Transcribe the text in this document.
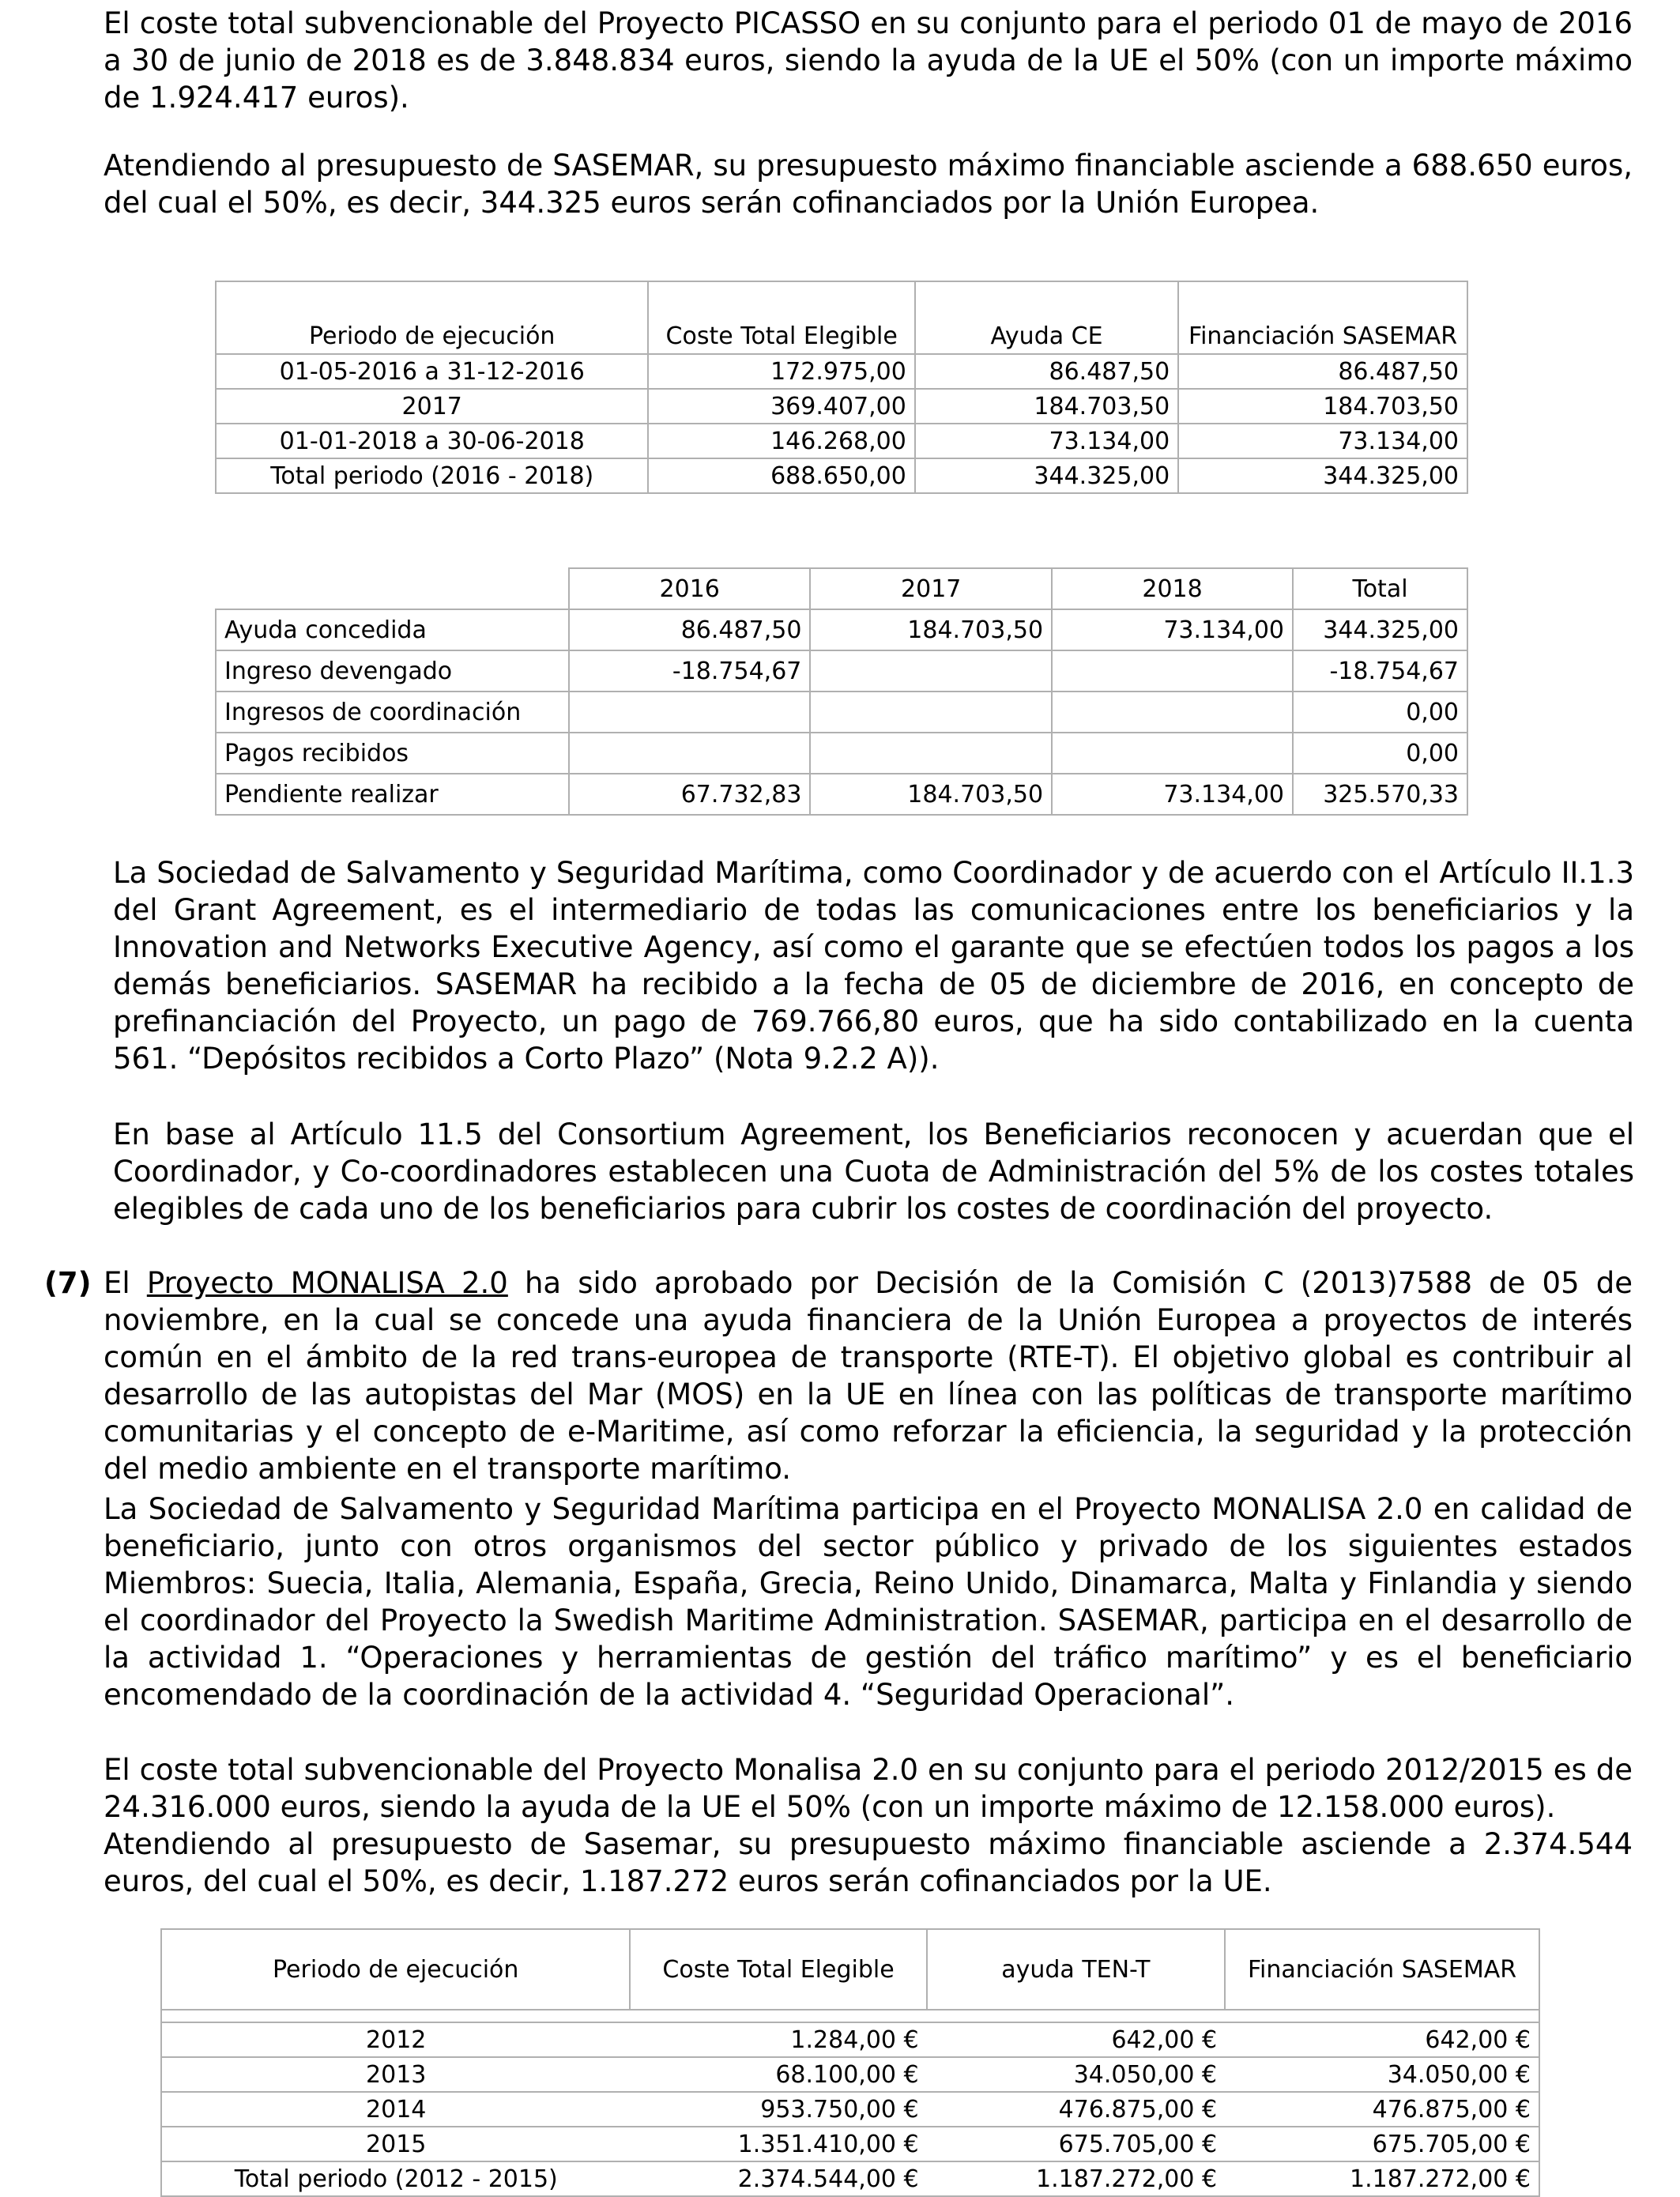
El coste total subvencionable del Proyecto PICASSO en su conjunto para el periodo 01 de mayo de 2016 a 30 de junio de 2018 es de 3.848.834 euros, siendo la ayuda de la UE el 50% (con un importe máximo de 1.924.417 euros).

Atendiendo al presupuesto de SASEMAR, su presupuesto máximo financiable asciende a 688.650 euros, del cual el 50%, es decir, 344.325 euros serán cofinanciados por la Unión Europea.

Periodo de ejecución	Coste Total Elegible	Ayuda CE	Financiación SASEMAR
01-05-2016 a 31-12-2016	172.975,00	86.487,50	86.487,50
2017	369.407,00	184.703,50	184.703,50
01-01-2018 a 30-06-2018	146.268,00	73.134,00	73.134,00
Total periodo (2016 - 2018)	688.650,00	344.325,00	344.325,00
	2016	2017	2018	Total
Ayuda concedida	86.487,50	184.703,50	73.134,00	344.325,00
Ingreso devengado	-18.754,67			-18.754,67
Ingresos de coordinación				0,00
Pagos recibidos				0,00
Pendiente realizar	67.732,83	184.703,50	73.134,00	325.570,33

La Sociedad de Salvamento y Seguridad Marítima, como Coordinador y de acuerdo con el Artículo II.1.3 del Grant Agreement, es el intermediario de todas las comunicaciones entre los beneficiarios y la Innovation and Networks Executive Agency, así como el garante que se efectúen todos los pagos a los demás beneficiarios. SASEMAR ha recibido a la fecha de 05 de diciembre de 2016, en concepto de prefinanciación del Proyecto, un pago de 769.766,80 euros, que ha sido contabilizado en la cuenta 561. “Depósitos recibidos a Corto Plazo” (Nota 9.2.2 A)).

En base al Artículo 11.5 del Consortium Agreement, los Beneficiarios reconocen y acuerdan que el Coordinador, y Co-coordinadores establecen una Cuota de Administración del 5% de los costes totales elegibles de cada uno de los beneficiarios para cubrir los costes de coordinación del proyecto.

(7) El Proyecto MONALISA 2.0 ha sido aprobado por Decisión de la Comisión C (2013)7588 de 05 de noviembre, en la cual se concede una ayuda financiera de la Unión Europea a proyectos de interés común en el ámbito de la red trans-europea de transporte (RTE-T). El objetivo global es contribuir al desarrollo de las autopistas del Mar (MOS) en la UE en línea con las políticas de transporte marítimo comunitarias y el concepto de e-Maritime, así como reforzar la eficiencia, la seguridad y la protección del medio ambiente en el transporte marítimo.

La Sociedad de Salvamento y Seguridad Marítima participa en el Proyecto MONALISA 2.0 en calidad de beneficiario, junto con otros organismos del sector público y privado de los siguientes estados Miembros: Suecia, Italia, Alemania, España, Grecia, Reino Unido, Dinamarca, Malta y Finlandia y siendo el coordinador del Proyecto la Swedish Maritime Administration. SASEMAR, participa en el desarrollo de la actividad 1. “Operaciones y herramientas de gestión del tráfico marítimo” y es el beneficiario encomendado de la coordinación de la actividad 4. “Seguridad Operacional”.

El coste total subvencionable del Proyecto Monalisa 2.0 en su conjunto para el periodo 2012/2015 es de 24.316.000 euros, siendo la ayuda de la UE el 50% (con un importe máximo de 12.158.000 euros).

Atendiendo al presupuesto de Sasemar, su presupuesto máximo financiable asciende a 2.374.544 euros, del cual el 50%, es decir, 1.187.272 euros serán cofinanciados por la UE.

Periodo de ejecución	Coste Total Elegible	ayuda TEN-T	Financiación SASEMAR

2012	1.284,00 €	642,00 €	642,00 €
2013	68.100,00 €	34.050,00 €	34.050,00 €
2014	953.750,00 €	476.875,00 €	476.875,00 €
2015	1.351.410,00 €	675.705,00 €	675.705,00 €
Total periodo (2012 - 2015)	2.374.544,00 €	1.187.272,00 €	1.187.272,00 €
